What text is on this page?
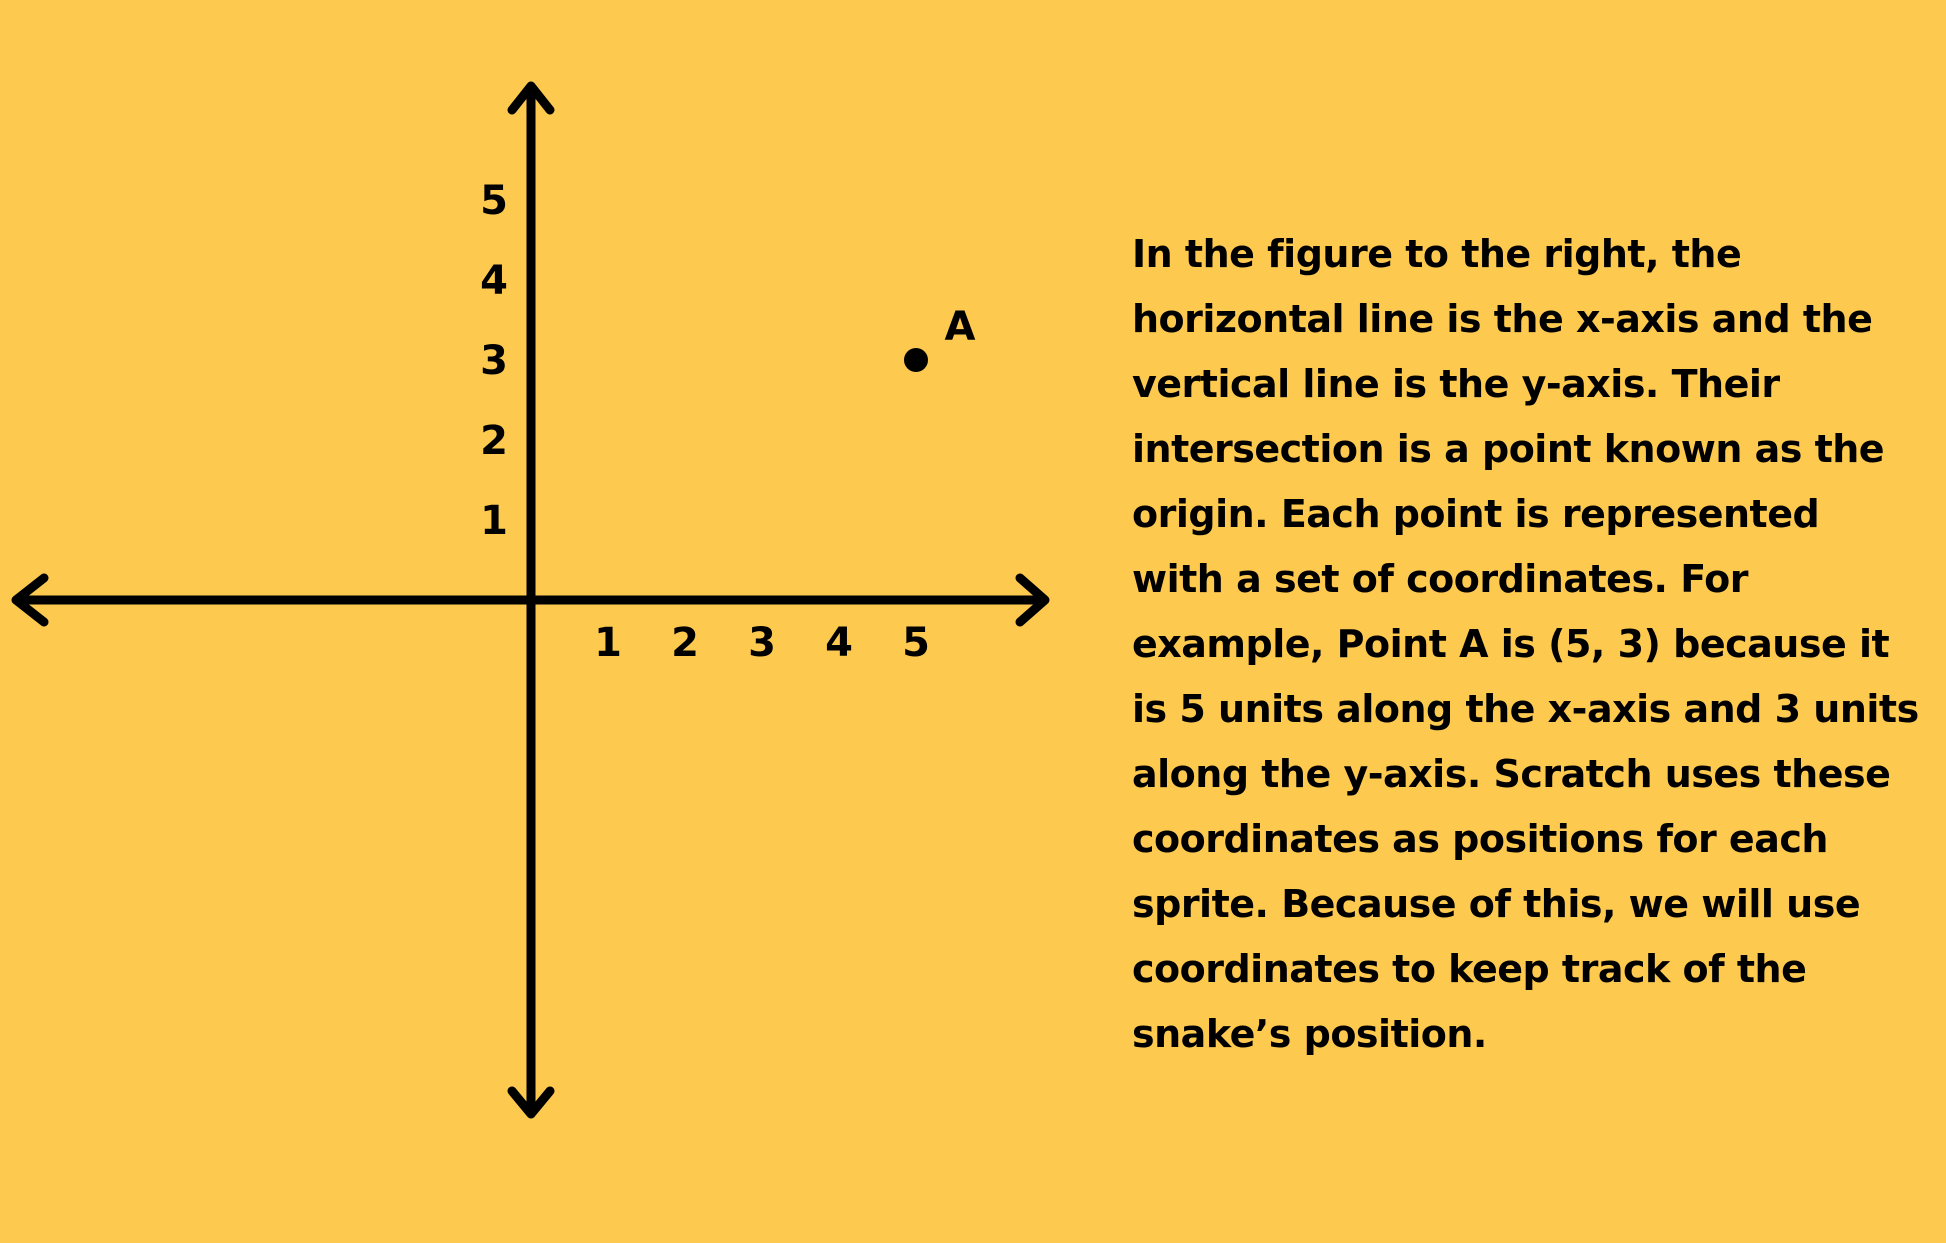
1 2 3 4 5
1
2
3
4
5
A

In the figure to the right, the horizontal line is the x-axis and the vertical line is the y-axis. Their intersection is a point known as the origin. Each point is represented with a set of coordinates. For example, Point A is (5, 3) because it is 5 units along the x-axis and 3 units along the y-axis. Scratch uses these coordinates as positions for each sprite. Because of this, we will use coordinates to keep track of the snake’s position.
